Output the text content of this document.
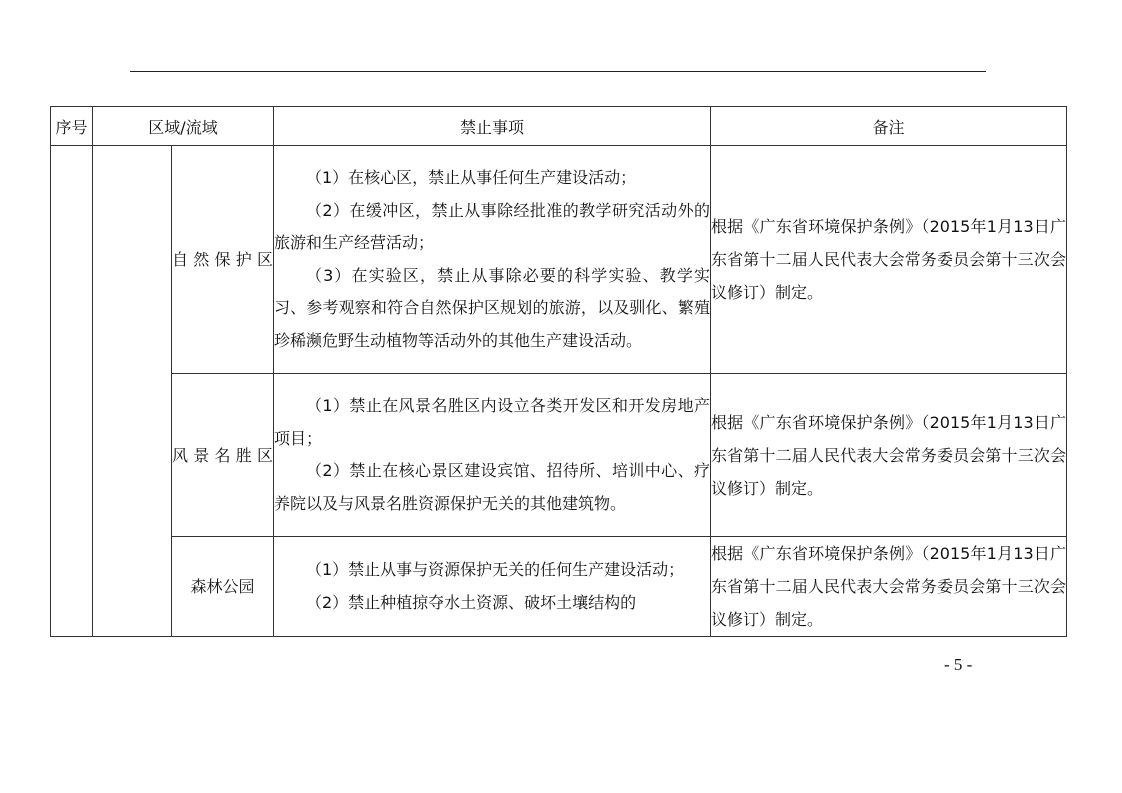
序号	区域/流域		禁止事项	备注
		自然保护区	（1）在核心区，禁止从事任何生产建设活动；

（2）在缓冲区，禁止从事除经批准的教学研究活动外的旅游和生产经营活动；

（3）在实验区，禁止从事除必要的科学实验、教学实习、参考观察和符合自然保护区规划的旅游，以及驯化、繁殖珍稀濒危野生动植物等活动外的其他生产建设活动。	根据《广东省环境保护条例》（2015年1月13日广东省第十二届人民代表大会常务委员会第十三次会议修订）制定。
		风景名胜区	（1）禁止在风景名胜区内设立各类开发区和开发房地产项目；

（2）禁止在核心景区建设宾馆、招待所、培训中心、疗养院以及与风景名胜资源保护无关的其他建筑物。	根据《广东省环境保护条例》（2015年1月13日广东省第十二届人民代表大会常务委员会第十三次会议修订）制定。
		森林公园	（1）禁止从事与资源保护无关的任何生产建设活动；

（2）禁止种植掠夺水土资源、破坏土壤结构的	根据《广东省环境保护条例》（2015年1月13日广东省第十二届人民代表大会常务委员会第十三次会议修订）制定。
- 5 -
